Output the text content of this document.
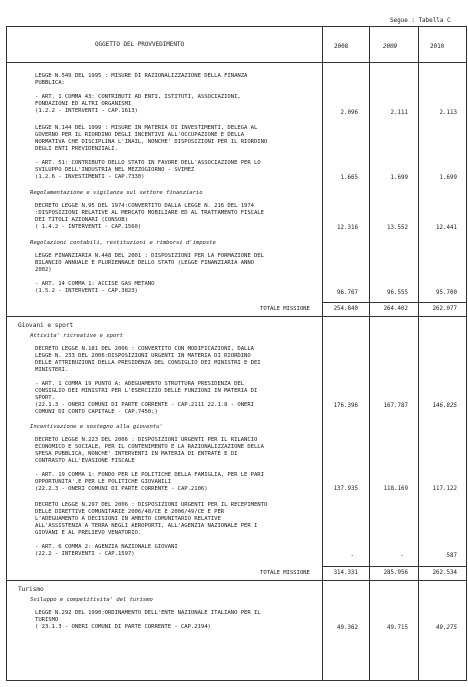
Segue : Tabella C
OGGETTO DEL PROVVEDIMENTO	2008	2009	2010
LEGGE N.549 DEL 1995 : MISURE DI RAZIONALIZZAZIONE DELLA FINANZA
PUBBLICA:
- ART. 1 COMMA 43: CONTRIBUTI AD ENTI, ISTITUTI, ASSOCIAZIONI,
FONDAZIONI ED ALTRI ORGANISMI
(1.2.2 - INTERVENTI - CAP.1613)	2.096	2.111	2.113
LEGGE N.144 DEL 1999 : MISURE IN MATERIA DI INVESTIMENTI, DELEGA AL
GOVERNO PER IL RIORDINO DEGLI INCENTIVI ALL'OCCUPAZIONE E DELLA
NORMATIVA CHE DISCIPLINA L'INAIL, NONCHE' DISPOSIZIONI PER IL RIORDINO
DEGLI ENTI PREVIDENZIALI.
- ART. 51: CONTRIBUTO DELLO STATO IN FAVORE DELL'ASSOCIAZIONE PER LO
SVILUPPO DELL'INDUSTRIA NEL MEZZOGIORNO - SVIMEZ
(1.2.6 - INVESTIMENTI - CAP.7330)	1.665	1.699	1.699
Regolamentazione e vigilanza sul settore finanziario
DECRETO LEGGE N.95 DEL 1974:CONVERTITO DALLA LEGGE N. 216 DEL 1974
:DISPOSIZIONI RELATIVE AL MERCATO MOBILIARE ED AL TRATTAMENTO FISCALE
DEI TITOLI AZIONARI (CONSOB)
( 1.4.2 - INTERVENTI - CAP.1560)	12.316	13.552	12.441
Regolazioni contabili, restituzioni e rimborsi d'imposte
LEGGE FINANZIARIA N.448 DEL 2001 : DISPOSIZIONI PER LA FORMAZIONE DEL
BILANCIO ANNUALE E PLURIENNALE DELLO STATO (LEGGE FINANZIARIA ANNO
2002)
- ART. 14 COMMA 1: ACCISE GAS METANO
(1.5.2 - INTERVENTI - CAP.3823)	96.767	96.555	95.700
TOTALE MISSIONE	254.840	264.402	262.077
Giovani e sport
Attivita' ricreative e sport
DECRETO LEGGE N.181 DEL 2006 : CONVERTITO CON MODIFICAZIONI, DALLA
LEGGE N. 233 DEL 2006:DISPOSIZIONI URGENTI IN MATERIA DI RIORDINO
DELLE ATTRIBUZIONI DELLA PRESIDENZA DEL CONSIGLIO DEI MINISTRI E DEI
MINISTERI.
- ART. 1 COMMA 19 PUNTO A: ADEGUAMENTO STRUTTURA PRESIDENZA DEL
CONSIGLIO DEI MINISTRI PER L'ESERCIZIO DELLE FUNZIONI IN MATERIA DI
SPORT.
(22.1.3 - ONERI COMUNI DI PARTE CORRENTE - CAP.2111 22.1.8 - ONERI
COMUNI DI CONTO CAPITALE - CAP.7450;)
176.396	167.787	146.825
Incentivazione e sostegno alla gioventu'
DECRETO LEGGE N.223 DEL 2006 : DISPOSIZIONI URGENTI PER IL RILANCIO
ECONOMICO E SOCIALE, PER IL CONTENIMENTO E LA RAZIONALIZZAZIONE DELLA
SPESA PUBBLICA, NONCHE' INTERVENTI IN MATERIA DI ENTRATE E DI
CONTRASTO ALL'EVASIONE FISCALE
- ART. 19 COMMA 1: FONDO PER LE POLITICHE DELLA FAMIGLIA, PER LE PARI
OPPORTUNITA'.E PER LE POLITICHE GIOVANILI
(22.2.3 - ONERI COMUNI DI PARTE CORRENTE - CAP.2106)	137.935	118.169	117.122
DECRETO LEGGE N.297 DEL 2006 : DISPOSIZIONI URGENTI PER IL RECEPIMENTO
DELLE DIRETTIVE COMUNITARIE 2006/48/CE E 2006/49/CE E PER
L'ADEGUAMENTO A DECISIONI IN AMBITO COMUNITARIO RELATIVE
ALL'ASSISTENZA A TERRA NEGLI AEROPORTI, ALL'AGENZIA NAZIONALE PER I
GIOVANI E AL PRELIEVO VENATORIO.
- ART. 6 COMMA 2: AGENZIA NAZIONALE GIOVANI
(22.2 - INTERVENTI - CAP.1597)	-	-	587
TOTALE MISSIONE	314.331	285.956	262.534
Turismo
Sviluppo e competitivita' del turismo
LEGGE N.292 DEL 1990:ORDINAMENTO DELL'ENTE NAZIONALE ITALIANO PER IL
TURISMO
( 23.1.3 - ONERI COMUNI DI PARTE CORRENTE - CAP.2194)	49.362	49.715	49.275
